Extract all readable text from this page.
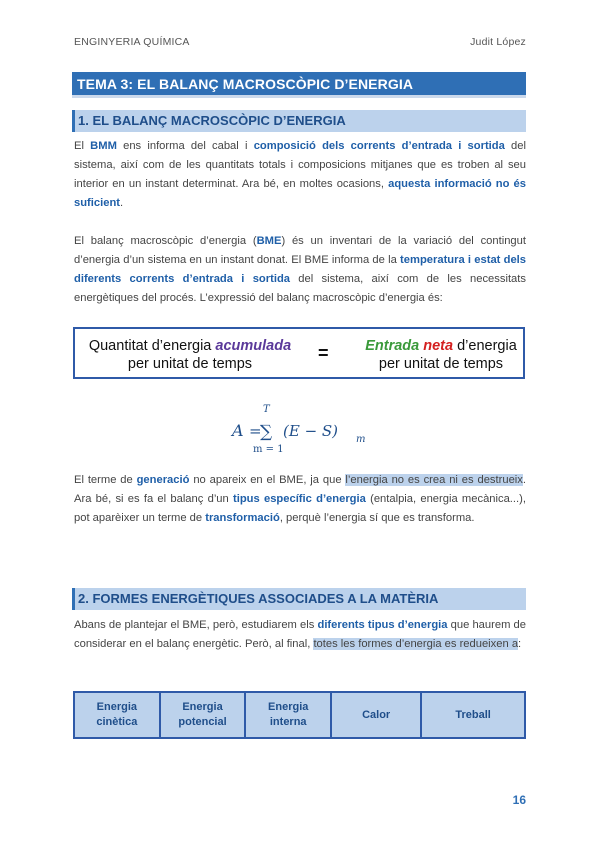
ENGINYERIA QUÍMICA	Judit López
TEMA 3: EL BALANÇ MACROSCÒPIC D’ENERGIA
1. EL BALANÇ MACROSCÒPIC D’ENERGIA
El BMM ens informa del cabal i composició dels corrents d’entrada i sortida del sistema, així com de les quantitats totals i composicions mitjanes que es troben al seu interior en un instant determinat. Ara bé, en moltes ocasions, aquesta informació no és suficient.
El balanç macroscòpic d’energia (BME) és un inventari de la variació del contingut d’energia d’un sistema en un instant donat. El BME informa de la temperatura i estat dels diferents corrents d’entrada i sortida del sistema, així com de les necessitats energètiques del procés. L’expressió del balanç macroscòpic d’energia és:
Quantitat d’energia acumulada
per unitat de temps
=	Entrada neta d’energia
per unitat de temps
A =
T
∑
m = 1
(E − S) m
El terme de generació no apareix en el BME, ja que l’energia no es crea ni es destrueix. Ara bé, si es fa el balanç d’un tipus específic d’energia (entalpia, energia mecànica...), pot aparèixer un terme de transformació, perquè l’energia sí que es transforma.
2. FORMES ENERGÈTIQUES ASSOCIADES A LA MATÈRIA
Abans de plantejar el BME, però, estudiarem els diferents tipus d’energia que haurem de considerar en el balanç energètic. Però, al final, totes les formes d’energia es redueixen a:
Energia cinètica	Energia potencial	Energia interna	Calor	Treball
16
